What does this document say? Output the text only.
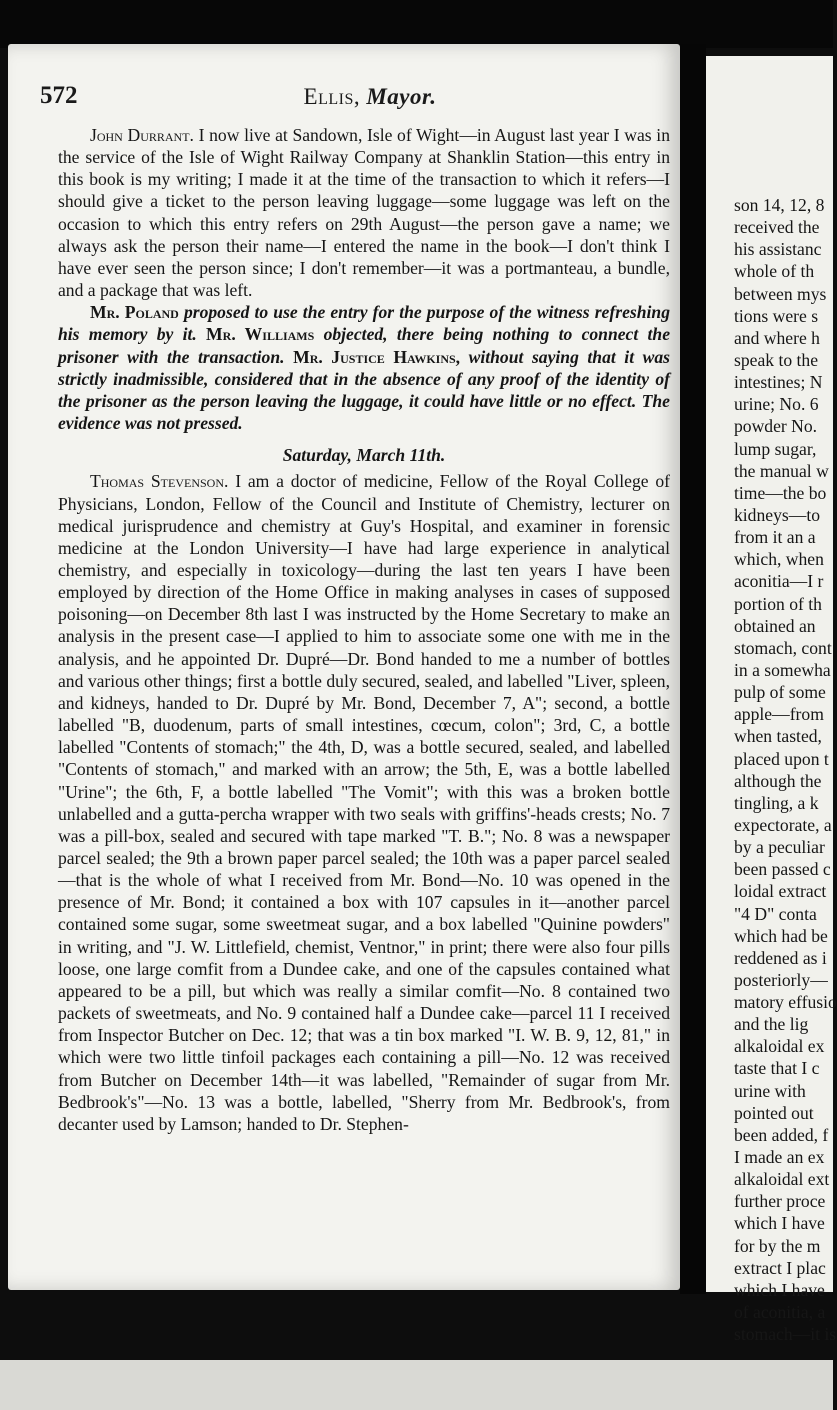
son 14, 12, 8
received the
his assistanc
whole of th
between mys
tions were s
and where h
speak to the
intestines; N
urine; No. 6
powder No.
lump sugar,
the manual w
time—the bo
kidneys—to
from it an a
which, when
aconitia—I r
portion of th
obtained an
stomach, cont
in a somewha
pulp of some
apple—from
when tasted,
placed upon t
although the
tingling, a k
expectorate, a
by a peculiar
been passed c
loidal extract
"4 D" conta
which had be
reddened as i
posteriorly—
matory effusio
and the lig
alkaloidal ex
taste that I c
urine with
pointed out
been added, f
I made an ex
alkaloidal ext
further proce
which I have
for by the m
extract I plac
which I have
of aconitia, a
stomach—it is
572	Ellis, Mayor.

John Durrant. I now live at Sandown, Isle of Wight—in August last year I was in the service of the Isle of Wight Railway Company at Shanklin Station—this entry in this book is my writing; I made it at the time of the transaction to which it refers—I should give a ticket to the person leaving luggage—some luggage was left on the occasion to which this entry refers on 29th August—the person gave a name; we always ask the person their name—I entered the name in the book—I don't think I have ever seen the person since; I don't remember—it was a portmanteau, a bundle, and a package that was left.

Mr. Poland proposed to use the entry for the purpose of the witness refreshing his memory by it. Mr. Williams objected, there being nothing to connect the prisoner with the transaction. Mr. Justice Hawkins, without saying that it was strictly inadmissible, considered that in the absence of any proof of the identity of the prisoner as the person leaving the luggage, it could have little or no effect. The evidence was not pressed.

Saturday, March 11th.

Thomas Stevenson. I am a doctor of medicine, Fellow of the Royal College of Physicians, London, Fellow of the Council and Institute of Chemistry, lecturer on medical jurisprudence and chemistry at Guy's Hospital, and examiner in forensic medicine at the London University—I have had large experience in analytical chemistry, and especially in toxicology—during the last ten years I have been employed by direction of the Home Office in making analyses in cases of supposed poisoning—on December 8th last I was instructed by the Home Secretary to make an analysis in the present case—I applied to him to associate some one with me in the analysis, and he appointed Dr. Dupré—Dr. Bond handed to me a number of bottles and various other things; first a bottle duly secured, sealed, and labelled "Liver, spleen, and kidneys, handed to Dr. Dupré by Mr. Bond, December 7, A"; second, a bottle labelled "B, duodenum, parts of small intestines, cœcum, colon"; 3rd, C, a bottle labelled "Contents of stomach;" the 4th, D, was a bottle secured, sealed, and labelled "Contents of stomach," and marked with an arrow; the 5th, E, was a bottle labelled "Urine"; the 6th, F, a bottle labelled "The Vomit"; with this was a broken bottle unlabelled and a gutta-percha wrapper with two seals with griffins'-heads crests; No. 7 was a pill-box, sealed and secured with tape marked "T. B."; No. 8 was a newspaper parcel sealed; the 9th a brown paper parcel sealed; the 10th was a paper parcel sealed—that is the whole of what I received from Mr. Bond—No. 10 was opened in the presence of Mr. Bond; it contained a box with 107 capsules in it—another parcel contained some sugar, some sweetmeat sugar, and a box labelled "Quinine powders" in writing, and "J. W. Littlefield, chemist, Ventnor," in print; there were also four pills loose, one large comfit from a Dundee cake, and one of the capsules contained what appeared to be a pill, but which was really a similar comfit—No. 8 contained two packets of sweetmeats, and No. 9 contained half a Dundee cake—parcel 11 I received from Inspector Butcher on Dec. 12; that was a tin box marked "I. W. B. 9, 12, 81," in which were two little tinfoil packages each containing a pill—No. 12 was received from Butcher on December 14th—it was labelled, "Remainder of sugar from Mr. Bedbrook's"—No. 13 was a bottle, labelled, "Sherry from Mr. Bedbrook's, from decanter used by Lamson; handed to Dr. Stephen-
